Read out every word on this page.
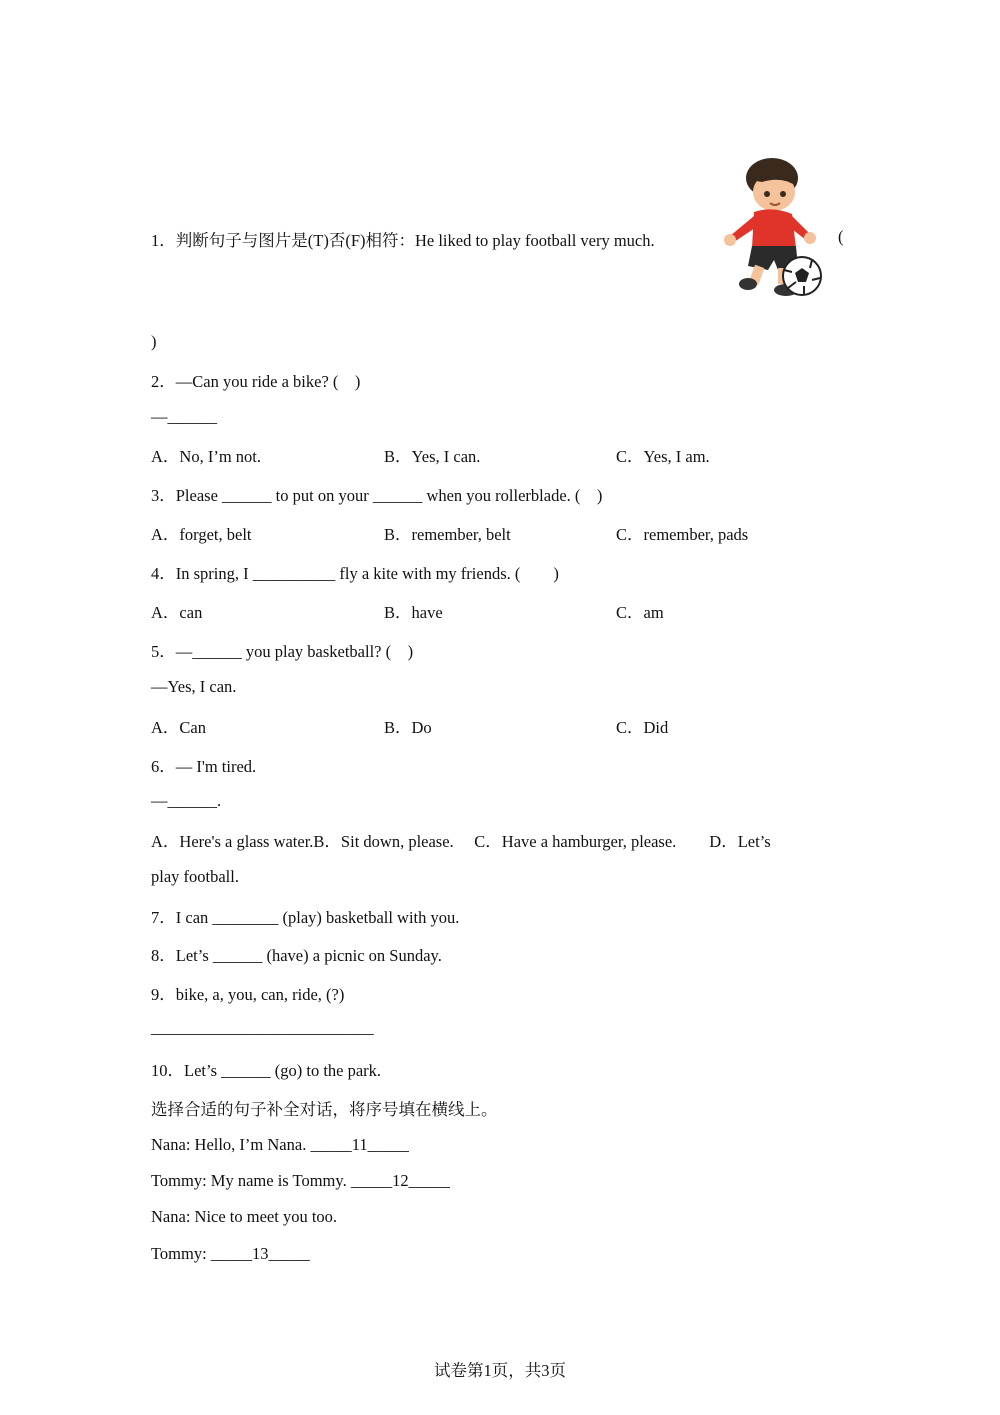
1．判断句子与图片是(T)否(F)相符：He liked to play football very much.	(
)
2．—Can you ride a bike? (    )
—______
A．No, I’m not.	B．Yes, I can.	C．Yes, I am.
3．Please ______ to put on your ______ when you rollerblade. (    )
A．forget, belt	B．remember, belt	C．remember, pads
4．In spring, I __________ fly a kite with my friends. (        )
A．can	B．have	C．am
5．—______ you play basketball? (    )
—Yes, I can.
A．Can	B．Do	C．Did
6．— I'm tired.
—______.
A．Here's a glass water.B．Sit down, please.     C．Have a hamburger, please.        D．Let’s
play football.
7．I can ________ (play) basketball with you.
8．Let’s ______ (have) a picnic on Sunday.
9．bike, a, you, can, ride, (?)
___________________________
10．Let’s ______ (go) to the park.
选择合适的句子补全对话，将序号填在横线上。
Nana: Hello, I’m Nana. _____11_____
Tommy: My name is Tommy. _____12_____
Nana: Nice to meet you too.
Tommy: _____13_____
试卷第1页，共3页
